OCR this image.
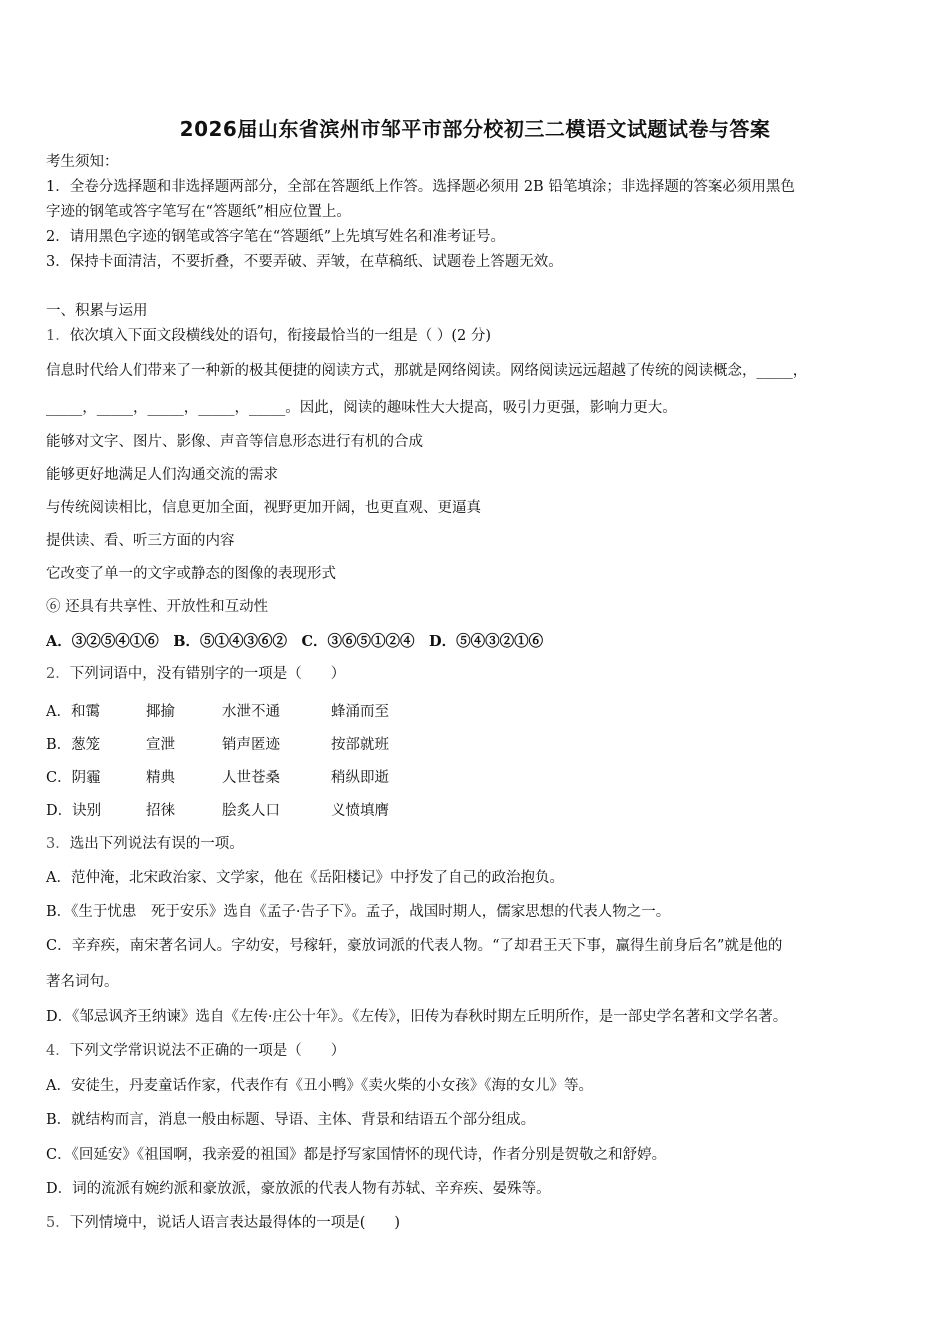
2026届山东省滨州市邹平市部分校初三二模语文试题试卷与答案
考生须知：
1．全卷分选择题和非选择题两部分，全部在答题纸上作答。选择题必须用 2B 铅笔填涂；非选择题的答案必须用黑色
字迹的钢笔或答字笔写在“答题纸”相应位置上。
2．请用黑色字迹的钢笔或答字笔在“答题纸”上先填写姓名和准考证号。
3．保持卡面清洁，不要折叠，不要弄破、弄皱，在草稿纸、试题卷上答题无效。
一、积累与运用
1．依次填入下面文段横线处的语句，衔接最恰当的一组是（ ）(2 分)
信息时代给人们带来了一种新的极其便捷的阅读方式，那就是网络阅读。网络阅读远远超越了传统的阅读概念，_____，
_____，_____，_____，_____，_____。因此，阅读的趣味性大大提高，吸引力更强，影响力更大。
能够对文字、图片、影像、声音等信息形态进行有机的合成
能够更好地满足人们沟通交流的需求
与传统阅读相比，信息更加全面，视野更加开阔，也更直观、更逼真
提供读、看、听三方面的内容
它改变了单一的文字或静态的图像的表现形式
⑥ 还具有共享性、开放性和互动性
A．③②⑤④①⑥　B．⑤①④③⑥②　C．③⑥⑤①②④　D．⑤④③②①⑥
2．下列词语中，没有错别字的一项是（　　）
A．和霭	揶揄	水泄不通	蜂涌而至
B．葱笼	宣泄	销声匿迹	按部就班
C．阴霾	精典	人世苍桑	稍纵即逝
D．诀别	招徕	脍炙人口	义愤填膺
3．选出下列说法有误的一项。
A．范仲淹，北宋政治家、文学家，他在《岳阳楼记》中抒发了自己的政治抱负。
B．《生于忧患　死于安乐》选自《孟子·告子下》。孟子，战国时期人，儒家思想的代表人物之一。
C．辛弃疾，南宋著名词人。字幼安，号稼轩，豪放词派的代表人物。“了却君王天下事，赢得生前身后名”就是他的
著名词句。
D．《邹忌讽齐王纳谏》选自《左传·庄公十年》。《左传》，旧传为春秋时期左丘明所作，是一部史学名著和文学名著。
4．下列文学常识说法不正确的一项是（　　）
A．安徒生，丹麦童话作家，代表作有《丑小鸭》《卖火柴的小女孩》《海的女儿》等。
B．就结构而言，消息一般由标题、导语、主体、背景和结语五个部分组成。
C．《回延安》《祖国啊，我亲爱的祖国》都是抒写家国情怀的现代诗，作者分别是贺敬之和舒婷。
D．词的流派有婉约派和豪放派，豪放派的代表人物有苏轼、辛弃疾、晏殊等。
5．下列情境中，说话人语言表达最得体的一项是(　　)
